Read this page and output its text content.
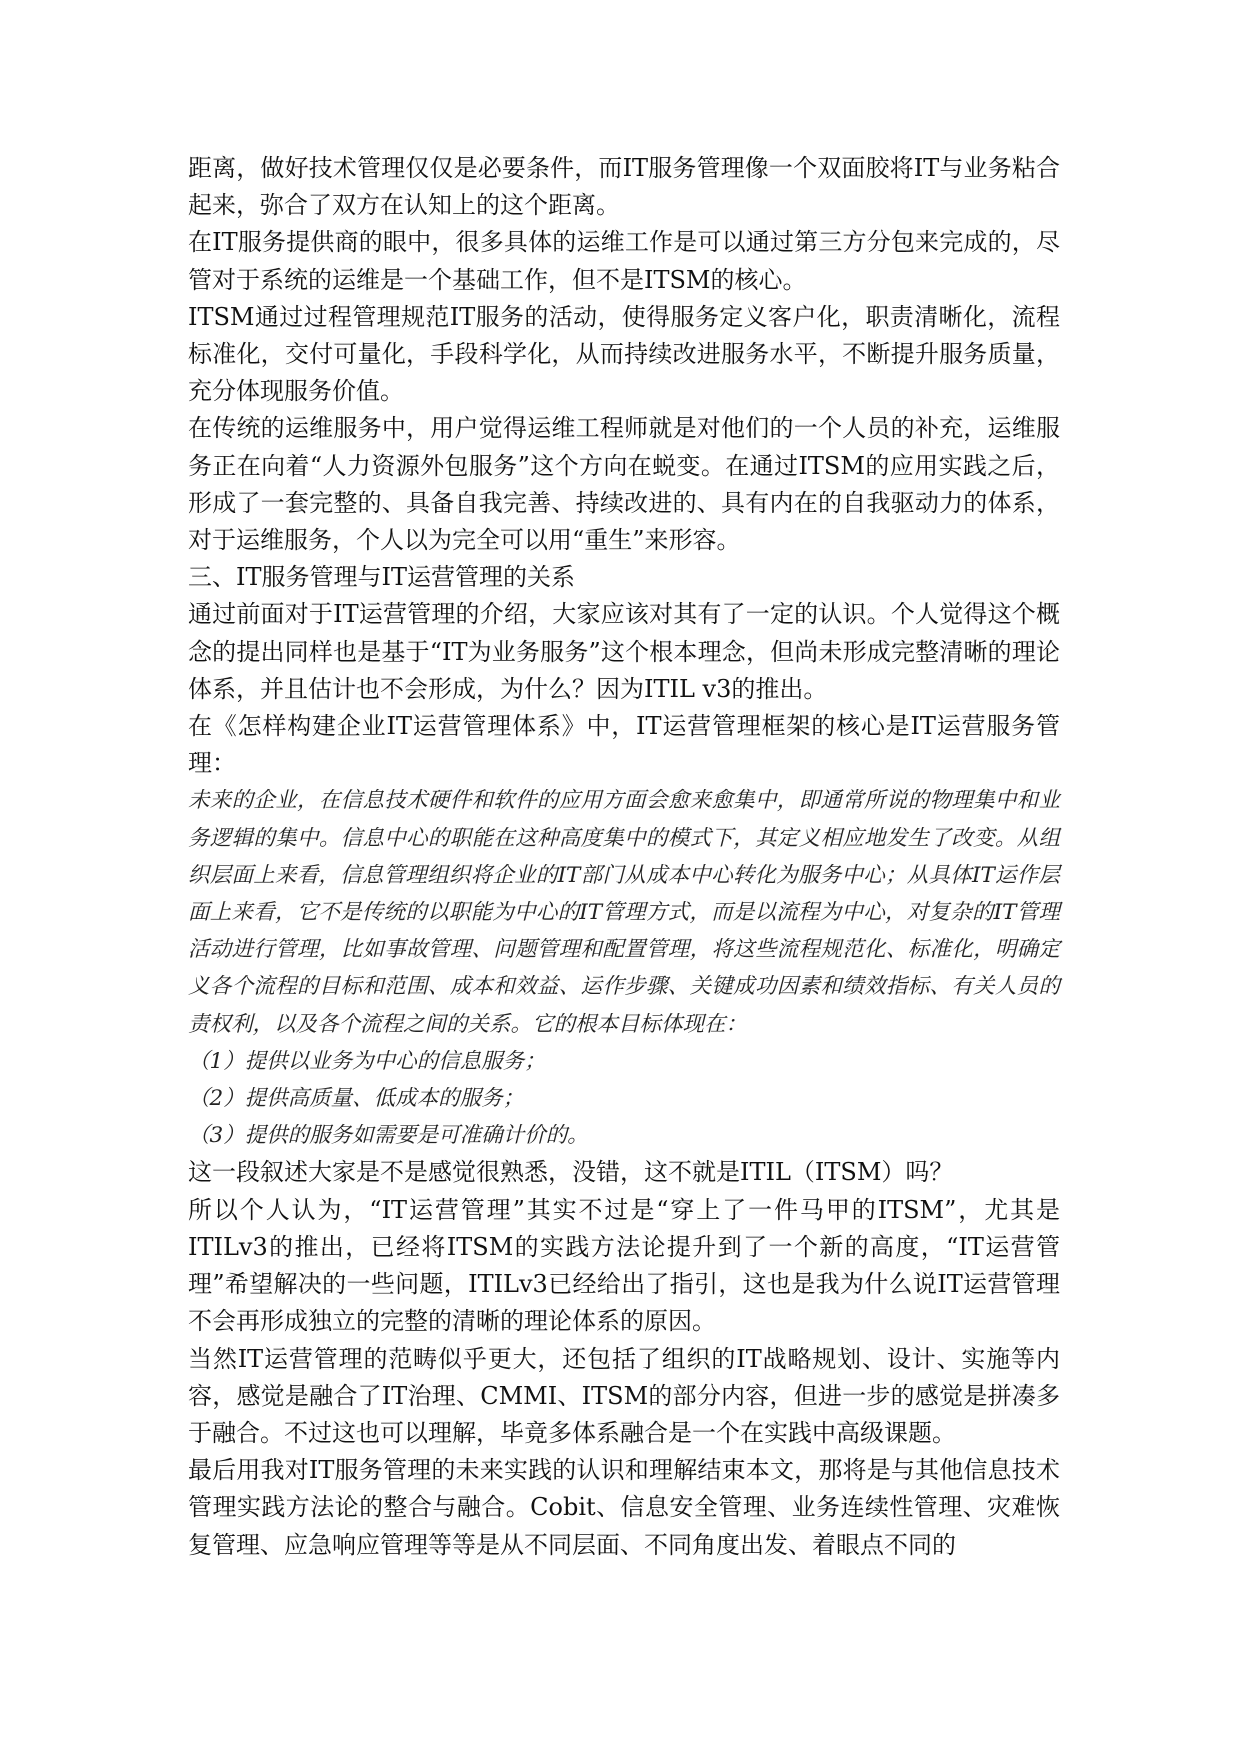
距离，做好技术管理仅仅是必要条件，而IT服务管理像一个双面胶将IT与业务粘合起来，弥合了双方在认知上的这个距离。

在IT服务提供商的眼中，很多具体的运维工作是可以通过第三方分包来完成的，尽管对于系统的运维是一个基础工作，但不是ITSM的核心。

ITSM通过过程管理规范IT服务的活动，使得服务定义客户化，职责清晰化，流程标准化，交付可量化，手段科学化，从而持续改进服务水平，不断提升服务质量，充分体现服务价值。

在传统的运维服务中，用户觉得运维工程师就是对他们的一个人员的补充，运维服务正在向着“人力资源外包服务”这个方向在蜕变。在通过ITSM的应用实践之后，形成了一套完整的、具备自我完善、持续改进的、具有内在的自我驱动力的体系，对于运维服务，个人以为完全可以用“重生”来形容。

三、IT服务管理与IT运营管理的关系

通过前面对于IT运营管理的介绍，大家应该对其有了一定的认识。个人觉得这个概念的提出同样也是基于“IT为业务服务”这个根本理念，但尚未形成完整清晰的理论体系，并且估计也不会形成，为什么？因为ITIL v3的推出。

在《怎样构建企业IT运营管理体系》中，IT运营管理框架的核心是IT运营服务管理：

未来的企业，在信息技术硬件和软件的应用方面会愈来愈集中，即通常所说的物理集中和业务逻辑的集中。信息中心的职能在这种高度集中的模式下，其定义相应地发生了改变。从组织层面上来看，信息管理组织将企业的IT部门从成本中心转化为服务中心；从具体IT运作层面上来看，它不是传统的以职能为中心的IT管理方式，而是以流程为中心，对复杂的IT管理活动进行管理，比如事故管理、问题管理和配置管理，将这些流程规范化、标准化，明确定义各个流程的目标和范围、成本和效益、运作步骤、关键成功因素和绩效指标、有关人员的责权利，以及各个流程之间的关系。它的根本目标体现在：

（1）提供以业务为中心的信息服务；

（2）提供高质量、低成本的服务；

（3）提供的服务如需要是可准确计价的。

这一段叙述大家是不是感觉很熟悉，没错，这不就是ITIL（ITSM）吗？

所以个人认为，“IT运营管理”其实不过是“穿上了一件马甲的ITSM”，尤其是ITILv3的推出，已经将ITSM的实践方法论提升到了一个新的高度，“IT运营管理”希望解决的一些问题，ITILv3已经给出了指引，这也是我为什么说IT运营管理不会再形成独立的完整的清晰的理论体系的原因。

当然IT运营管理的范畴似乎更大，还包括了组织的IT战略规划、设计、实施等内容，感觉是融合了IT治理、CMMI、ITSM的部分内容，但进一步的感觉是拼凑多于融合。不过这也可以理解，毕竟多体系融合是一个在实践中高级课题。

最后用我对IT服务管理的未来实践的认识和理解结束本文，那将是与其他信息技术管理实践方法论的整合与融合。Cobit、信息安全管理、业务连续性管理、灾难恢复管理、应急响应管理等等是从不同层面、不同角度出发、着眼点不同的
